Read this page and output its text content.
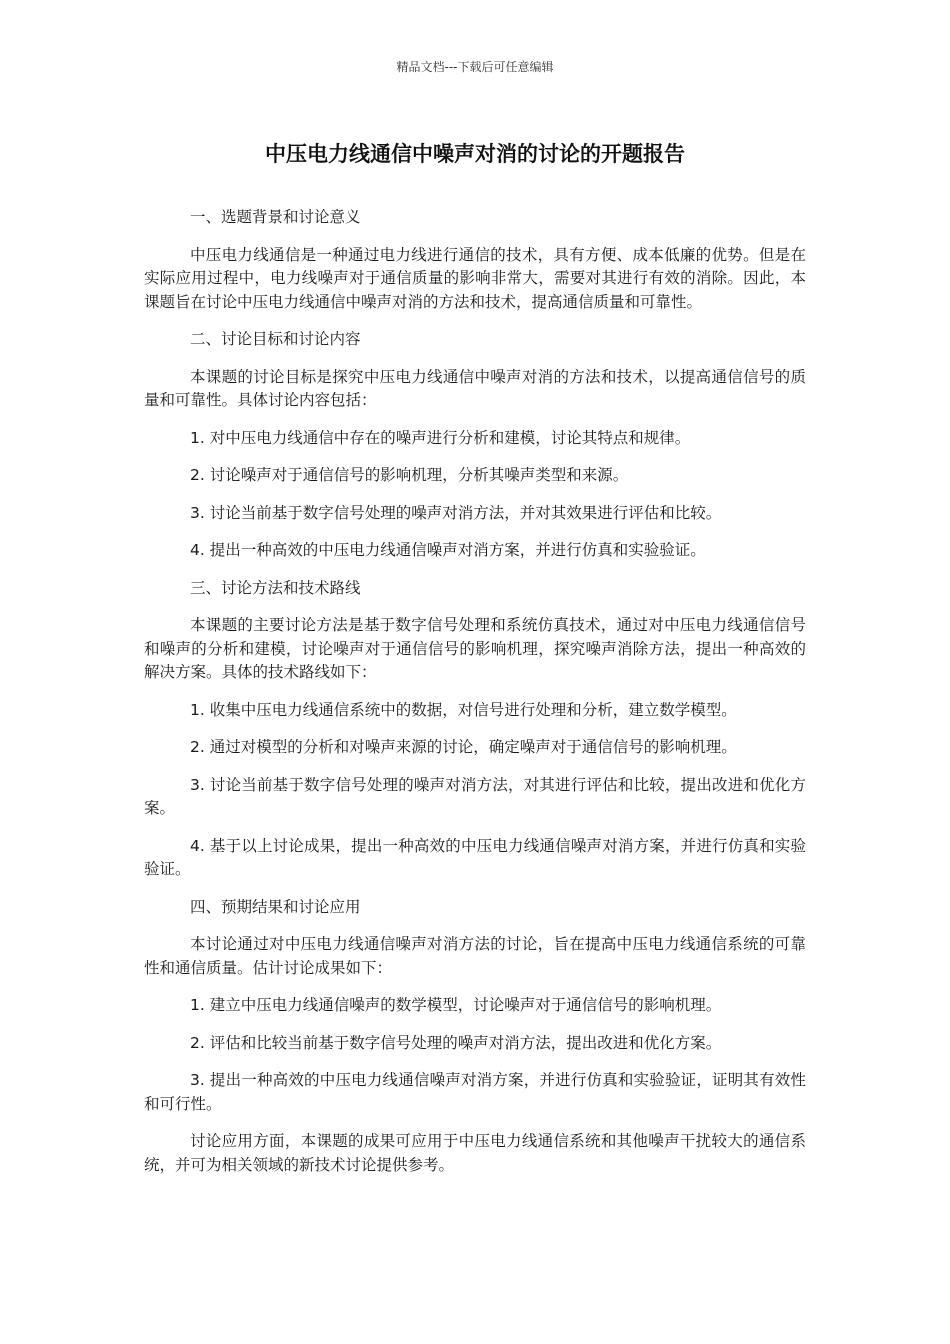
精品文档---下载后可任意编辑
中压电力线通信中噪声对消的讨论的开题报告

一、选题背景和讨论意义

中压电力线通信是一种通过电力线进行通信的技术，具有方便、成本低廉的优势。但是在实际应用过程中，电力线噪声对于通信质量的影响非常大，需要对其进行有效的消除。因此，本课题旨在讨论中压电力线通信中噪声对消的方法和技术，提高通信质量和可靠性。

二、讨论目标和讨论内容

本课题的讨论目标是探究中压电力线通信中噪声对消的方法和技术，以提高通信信号的质量和可靠性。具体讨论内容包括：

1. 对中压电力线通信中存在的噪声进行分析和建模，讨论其特点和规律。

2. 讨论噪声对于通信信号的影响机理，分析其噪声类型和来源。

3. 讨论当前基于数字信号处理的噪声对消方法，并对其效果进行评估和比较。

4. 提出一种高效的中压电力线通信噪声对消方案，并进行仿真和实验验证。

三、讨论方法和技术路线

本课题的主要讨论方法是基于数字信号处理和系统仿真技术，通过对中压电力线通信信号和噪声的分析和建模，讨论噪声对于通信信号的影响机理，探究噪声消除方法，提出一种高效的解决方案。具体的技术路线如下：

1. 收集中压电力线通信系统中的数据，对信号进行处理和分析，建立数学模型。

2. 通过对模型的分析和对噪声来源的讨论，确定噪声对于通信信号的影响机理。

3. 讨论当前基于数字信号处理的噪声对消方法，对其进行评估和比较，提出改进和优化方案。

4. 基于以上讨论成果，提出一种高效的中压电力线通信噪声对消方案，并进行仿真和实验验证。

四、预期结果和讨论应用

本讨论通过对中压电力线通信噪声对消方法的讨论，旨在提高中压电力线通信系统的可靠性和通信质量。估计讨论成果如下：

1. 建立中压电力线通信噪声的数学模型，讨论噪声对于通信信号的影响机理。

2. 评估和比较当前基于数字信号处理的噪声对消方法，提出改进和优化方案。

3. 提出一种高效的中压电力线通信噪声对消方案，并进行仿真和实验验证，证明其有效性和可行性。

讨论应用方面，本课题的成果可应用于中压电力线通信系统和其他噪声干扰较大的通信系统，并可为相关领域的新技术讨论提供参考。
